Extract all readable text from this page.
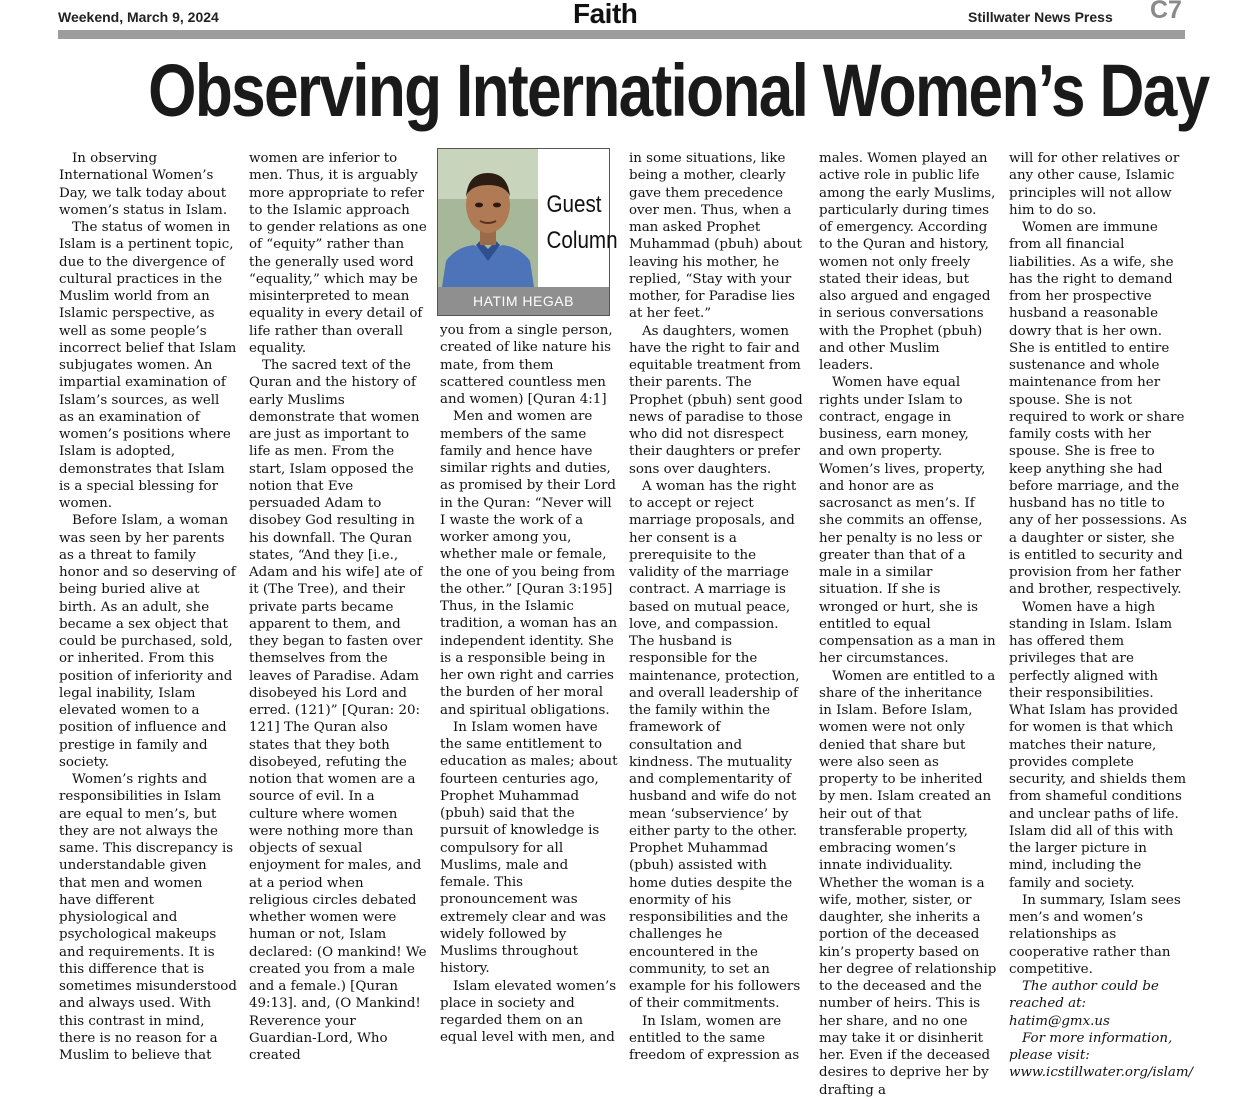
Weekend, March 9, 2024	Faith	Stillwater News Press C7
Observing International Women’s Day

In observing International Women’s Day, we talk today about women’s status in Islam.

The status of women in Islam is a pertinent topic, due to the divergence of cultural practices in the Muslim world from an Islamic perspective, as well as some people’s incorrect belief that Islam subjugates women. An impartial examination of Islam’s sources, as well as an examination of women’s positions where Islam is adopted, demonstrates that Islam is a special blessing for women.

Before Islam, a woman was seen by her parents as a threat to family honor and so deserving of being buried alive at birth. As an adult, she became a sex object that could be purchased, sold, or inherited. From this position of inferiority and legal inability, Islam elevated women to a position of influence and prestige in family and society.

Women’s rights and responsibilities in Islam are equal to men’s, but they are not always the same. This discrepancy is understandable given that men and women have different physiological and psychological makeups and requirements. It is this difference that is sometimes misunderstood and always used. With this contrast in mind, there is no reason for a Muslim to believe that

women are inferior to men. Thus, it is arguably more appropriate to refer to the Islamic approach to gender relations as one of “equity” rather than the generally used word “equality,” which may be misinterpreted to mean equality in every detail of life rather than overall equality.

The sacred text of the Quran and the history of early Muslims demonstrate that women are just as important to life as men. From the start, Islam opposed the notion that Eve persuaded Adam to disobey God resulting in his downfall. The Quran states, “And they [i.e., Adam and his wife] ate of it (The Tree), and their private parts became apparent to them, and they began to fasten over themselves from the leaves of Paradise. Adam disobeyed his Lord and erred. (121)” [Quran: 20: 121] The Quran also states that they both disobeyed, refuting the notion that women are a source of evil. In a culture where women were nothing more than objects of sexual enjoyment for males, and at a period when religious circles debated whether women were human or not, Islam declared: (O mankind! We created you from a male and a female.) [Quran 49:13]. and, (O Mankind! Reverence your Guardian-Lord, Who created

Guest
Column
HATIM HEGAB

you from a single person, created of like nature his mate, from them scattered countless men and women) [Quran 4:1]

Men and women are members of the same family and hence have similar rights and duties, as promised by their Lord in the Quran: “Never will I waste the work of a worker among you, whether male or female, the one of you being from the other.” [Quran 3:195] Thus, in the Islamic tradition, a woman has an independent identity. She is a responsible being in her own right and carries the burden of her moral and spiritual obligations.

In Islam women have the same entitlement to education as males; about fourteen centuries ago, Prophet Muhammad (pbuh) said that the pursuit of knowledge is compulsory for all Muslims, male and female. This pronouncement was extremely clear and was widely followed by Muslims throughout history.

Islam elevated women’s place in society and regarded them on an equal level with men, and

in some situations, like being a mother, clearly gave them precedence over men. Thus, when a man asked Prophet Muhammad (pbuh) about leaving his mother, he replied, “Stay with your mother, for Paradise lies at her feet.”

As daughters, women have the right to fair and equitable treatment from their parents. The Prophet (pbuh) sent good news of paradise to those who did not disrespect their daughters or prefer sons over daughters.

A woman has the right to accept or reject marriage proposals, and her consent is a prerequisite to the validity of the marriage contract. A marriage is based on mutual peace, love, and compassion. The husband is responsible for the maintenance, protection, and overall leadership of the family within the framework of consultation and kindness. The mutuality and complementarity of husband and wife do not mean ‘subservience’ by either party to the other. Prophet Muhammad (pbuh) assisted with home duties despite the enormity of his responsibilities and the challenges he encountered in the community, to set an example for his followers of their commitments.

In Islam, women are entitled to the same freedom of expression as

males. Women played an active role in public life among the early Muslims, particularly during times of emergency. According to the Quran and history, women not only freely stated their ideas, but also argued and engaged in serious conversations with the Prophet (pbuh) and other Muslim leaders.

Women have equal rights under Islam to contract, engage in business, earn money, and own property. Women’s lives, property, and honor are as sacrosanct as men’s. If she commits an offense, her penalty is no less or greater than that of a male in a similar situation. If she is wronged or hurt, she is entitled to equal compensation as a man in her circumstances.

Women are entitled to a share of the inheritance in Islam. Before Islam, women were not only denied that share but were also seen as property to be inherited by men. Islam created an heir out of that transferable property, embracing women’s innate individuality. Whether the woman is a wife, mother, sister, or daughter, she inherits a portion of the deceased kin’s property based on her degree of relationship to the deceased and the number of heirs. This is her share, and no one may take it or disinherit her. Even if the deceased desires to deprive her by drafting a

will for other relatives or any other cause, Islamic principles will not allow him to do so.

Women are immune from all financial liabilities. As a wife, she has the right to demand from her prospective husband a reasonable dowry that is her own. She is entitled to entire sustenance and whole maintenance from her spouse. She is not required to work or share family costs with her spouse. She is free to keep anything she had before marriage, and the husband has no title to any of her possessions. As a daughter or sister, she is entitled to security and provision from her father and brother, respectively.

Women have a high standing in Islam. Islam has offered them privileges that are perfectly aligned with their responsibilities. What Islam has provided for women is that which matches their nature, provides complete security, and shields them from shameful conditions and unclear paths of life. Islam did all of this with the larger picture in mind, including the family and society.

In summary, Islam sees men’s and women’s relationships as cooperative rather than competitive.

The author could be reached at: hatim@gmx.us

For more information, please visit: www.icstillwater.org/islam/
